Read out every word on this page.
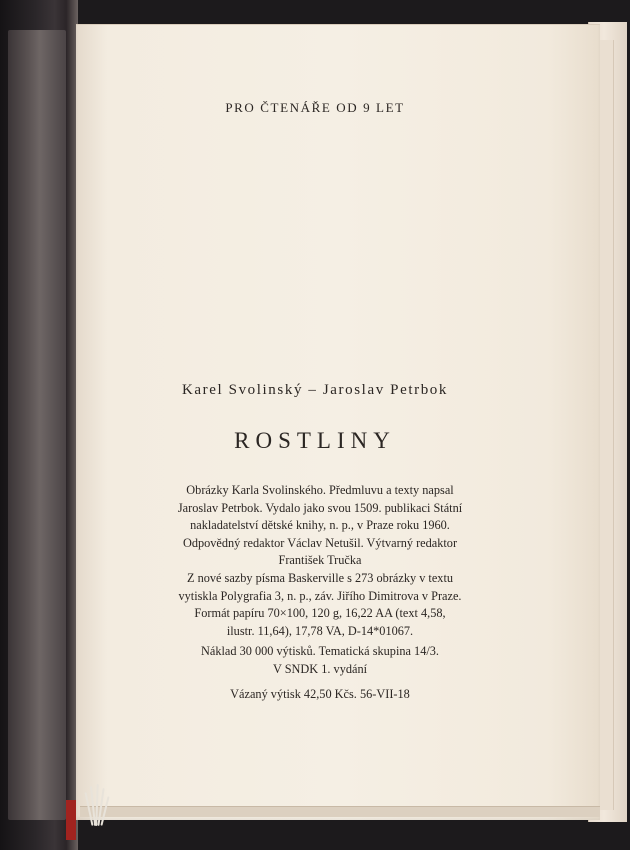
PRO ČTENÁŘE OD 9 LET
Karel Svolinský – Jaroslav Petrbok
ROSTLINY
Obrázky Karla Svolinského. Předmluvu a texty napsal
Jaroslav Petrbok. Vydalo jako svou 1509. publikaci Státní
nakladatelství dětské knihy, n. p., v Praze roku 1960.
Odpovědný redaktor Václav Netušil. Výtvarný redaktor
František Tručka
Z nové sazby písma Baskerville s 273 obrázky v textu
vytiskla Polygrafia 3, n. p., záv. Jiřího Dimitrova v Praze.
Formát papíru 70×100, 120 g, 16,22 AA (text 4,58,
ilustr. 11,64), 17,78 VA, D-14*01067.
Náklad 30 000 výtisků. Tematická skupina 14/3.
V SNDK 1. vydání
Vázaný výtisk 42,50 Kčs. 56-VII-18
